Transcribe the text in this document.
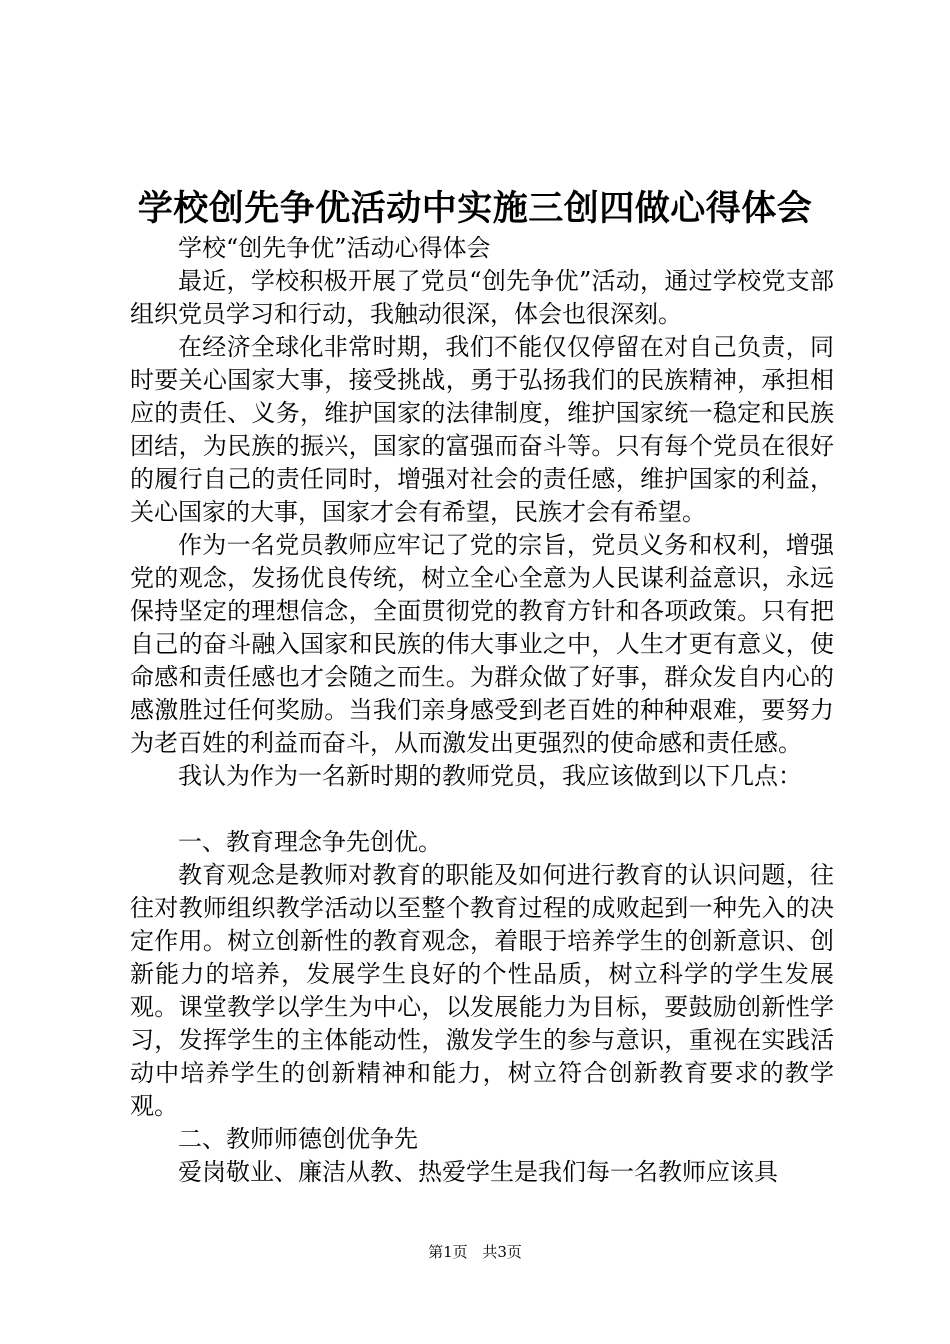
学校创先争优活动中实施三创四做心得体会

学校“创先争优”活动心得体会

最近，学校积极开展了党员“创先争优”活动，通过学校党支部组织党员学习和行动，我触动很深，体会也很深刻。

在经济全球化非常时期，我们不能仅仅停留在对自己负责，同时要关心国家大事，接受挑战，勇于弘扬我们的民族精神，承担相应的责任、义务，维护国家的法律制度，维护国家统一稳定和民族团结，为民族的振兴，国家的富强而奋斗等。只有每个党员在很好的履行自己的责任同时，增强对社会的责任感，维护国家的利益，关心国家的大事，国家才会有希望，民族才会有希望。

作为一名党员教师应牢记了党的宗旨，党员义务和权利，增强党的观念，发扬优良传统，树立全心全意为人民谋利益意识，永远保持坚定的理想信念，全面贯彻党的教育方针和各项政策。只有把自己的奋斗融入国家和民族的伟大事业之中，人生才更有意义，使命感和责任感也才会随之而生。为群众做了好事，群众发自内心的感激胜过任何奖励。当我们亲身感受到老百姓的种种艰难，要努力为老百姓的利益而奋斗，从而激发出更强烈的使命感和责任感。

我认为作为一名新时期的教师党员，我应该做到以下几点：

一、教育理念争先创优。

教育观念是教师对教育的职能及如何进行教育的认识问题，往往对教师组织教学活动以至整个教育过程的成败起到一种先入的决定作用。树立创新性的教育观念，着眼于培养学生的创新意识、创新能力的培养，发展学生良好的个性品质，树立科学的学生发展观。课堂教学以学生为中心，以发展能力为目标，要鼓励创新性学习，发挥学生的主体能动性，激发学生的参与意识，重视在实践活动中培养学生的创新精神和能力，树立符合创新教育要求的教学观。

二、教师师德创优争先

爱岗敬业、廉洁从教、热爱学生是我们每一名教师应该具

第1页 共3页
